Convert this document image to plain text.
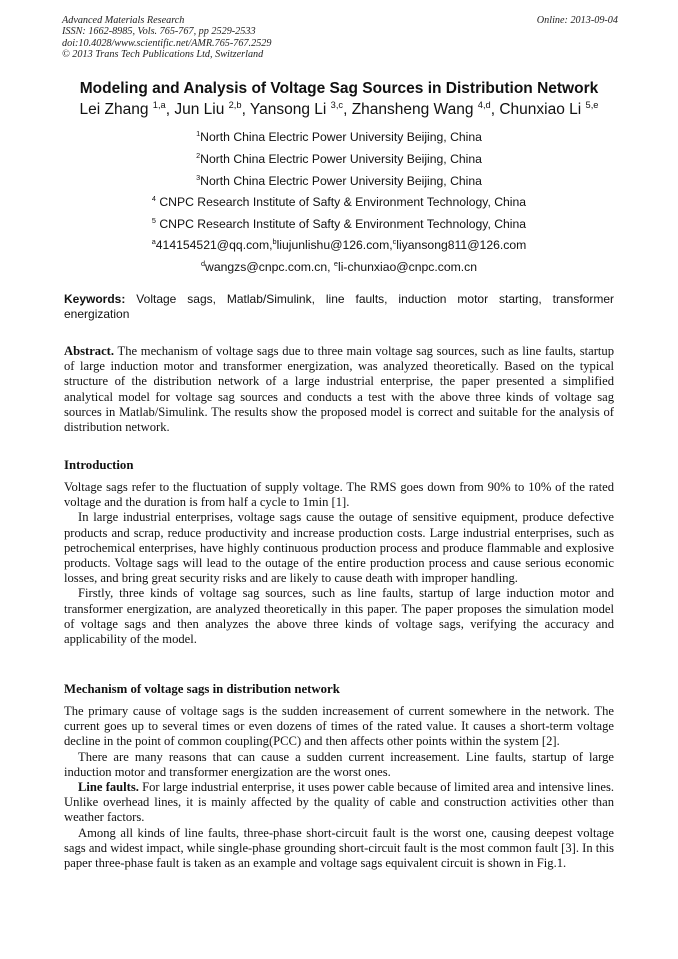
Advanced Materials Research
ISSN: 1662-8985, Vols. 765-767, pp 2529-2533
doi:10.4028/www.scientific.net/AMR.765-767.2529
© 2013 Trans Tech Publications Ltd, Switzerland
Online: 2013-09-04
Modeling and Analysis of Voltage Sag Sources in Distribution Network
Lei Zhang $^{1,a}$, Jun Liu $^{2,b}$, Yansong Li $^{3,c}$, Zhansheng Wang $^{4,d}$, Chunxiao Li $^{5,e}$
$^1$North China Electric Power University Beijing, China
$^2$North China Electric Power University Beijing, China
$^3$North China Electric Power University Beijing, China
$^4$ CNPC Research Institute of Safty & Environment Technology, China
$^5$ CNPC Research Institute of Safty & Environment Technology, China
$^a$414154521@qq.com,$^b$liujunlishu@126.com,$^c$liyansong811@126.com
$^d$wangzs@cnpc.com.cn, $^e$li-chunxiao@cnpc.com.cn
Keywords: Voltage sags, Matlab/Simulink, line faults, induction motor starting, transformer energization

Abstract. The mechanism of voltage sags due to three main voltage sag sources, such as line faults, startup of large induction motor and transformer energization, was analyzed theoretically. Based on the typical structure of the distribution network of a large industrial enterprise, the paper presented a simplified analytical model for voltage sag sources and conducts a test with the above three kinds of voltage sag sources in Matlab/Simulink. The results show the proposed model is correct and suitable for the analysis of distribution network.

Introduction

Voltage sags refer to the fluctuation of supply voltage. The RMS goes down from 90% to 10% of the rated voltage and the duration is from half a cycle to 1min [1].

In large industrial enterprises, voltage sags cause the outage of sensitive equipment, produce defective products and scrap, reduce productivity and increase production costs. Large industrial enterprises, such as petrochemical enterprises, have highly continuous production process and produce flammable and explosive products. Voltage sags will lead to the outage of the entire production process and cause serious economic losses, and bring great security risks and are likely to cause death with improper handling.

Firstly, three kinds of voltage sag sources, such as line faults, startup of large induction motor and transformer energization, are analyzed theoretically in this paper. The paper proposes the simulation model of voltage sags and then analyzes the above three kinds of voltage sags, verifying the accuracy and applicability of the model.

Mechanism of voltage sags in distribution network

The primary cause of voltage sags is the sudden increasement of current somewhere in the network. The current goes up to several times or even dozens of times of the rated value. It causes a short-term voltage decline in the point of common coupling(PCC) and then affects other points within the system [2].

There are many reasons that can cause a sudden current increasement. Line faults, startup of large induction motor and transformer energization are the worst ones.

Line faults. For large industrial enterprise, it uses power cable because of limited area and intensive lines. Unlike overhead lines, it is mainly affected by the quality of cable and construction activities other than weather factors.

Among all kinds of line faults, three-phase short-circuit fault is the worst one, causing deepest voltage sags and widest impact, while single-phase grounding short-circuit fault is the most common fault [3]. In this paper three-phase fault is taken as an example and voltage sags equivalent circuit is shown in Fig.1.
